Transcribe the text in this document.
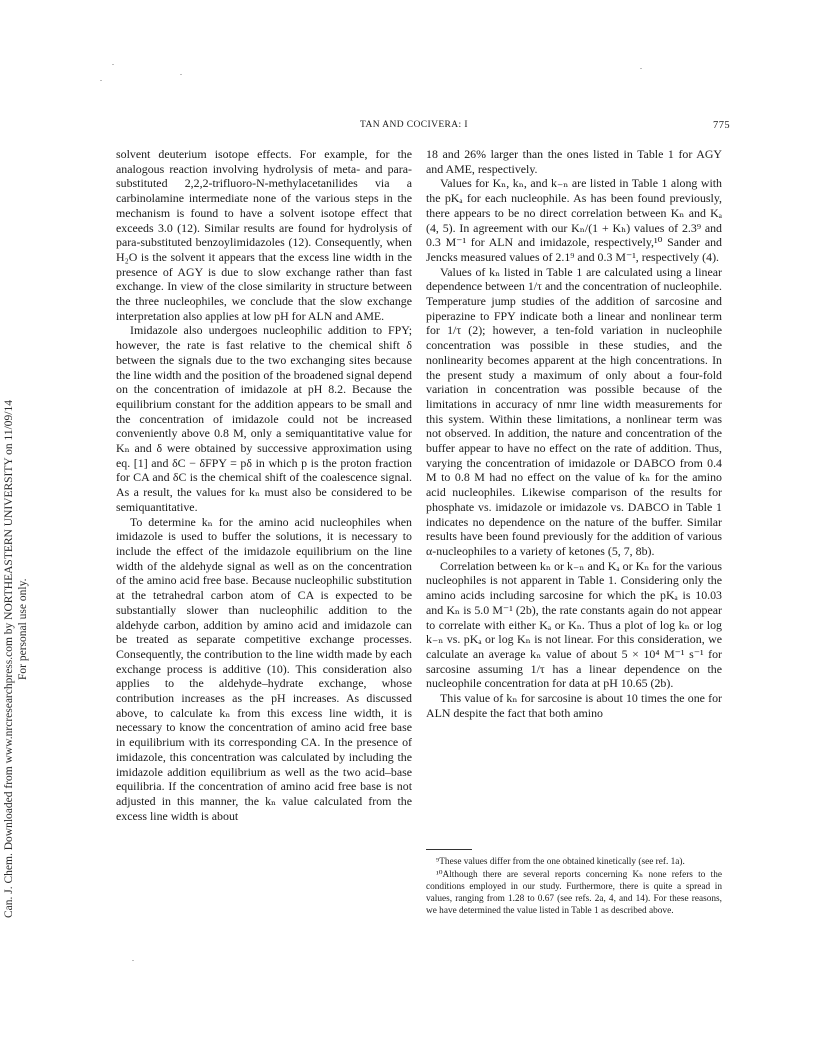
Can. J. Chem. Downloaded from www.nrcresearchpress.com by NORTHEASTERN UNIVERSITY on 11/09/14 For personal use only.
TAN AND COCIVERA: I	775

solvent deuterium isotope effects. For example, for the analogous reaction involving hydrolysis of meta- and para-substituted 2,2,2-trifluoro-N-methylacetanilides via a carbinolamine intermediate none of the various steps in the mechanism is found to have a solvent isotope effect that exceeds 3.0 (12). Similar results are found for hydrolysis of para-substituted benzoylimidazoles (12). Consequently, when H₂O is the solvent it appears that the excess line width in the presence of AGY is due to slow exchange rather than fast exchange. In view of the close similarity in structure between the three nucleophiles, we conclude that the slow exchange interpretation also applies at low pH for ALN and AME.

Imidazole also undergoes nucleophilic addition to FPY; however, the rate is fast relative to the chemical shift δ between the signals due to the two exchanging sites because the line width and the position of the broadened signal depend on the concentration of imidazole at pH 8.2. Because the equilibrium constant for the addition appears to be small and the concentration of imidazole could not be increased conveniently above 0.8 M, only a semiquantitative value for Kₙ and δ were obtained by successive approximation using eq. [1] and δC − δFPY = pδ in which p is the proton fraction for CA and δC is the chemical shift of the coalescence signal. As a result, the values for kₙ must also be considered to be semiquantitative.

To determine kₙ for the amino acid nucleophiles when imidazole is used to buffer the solutions, it is necessary to include the effect of the imidazole equilibrium on the line width of the aldehyde signal as well as on the concentration of the amino acid free base. Because nucleophilic substitution at the tetrahedral carbon atom of CA is expected to be substantially slower than nucleophilic addition to the aldehyde carbon, addition by amino acid and imidazole can be treated as separate competitive exchange processes. Consequently, the contribution to the line width made by each exchange process is additive (10). This consideration also applies to the aldehyde–hydrate exchange, whose contribution increases as the pH increases. As discussed above, to calculate kₙ from this excess line width, it is necessary to know the concentration of amino acid free base in equilibrium with its corresponding CA. In the presence of imidazole, this concentration was calculated by including the imidazole addition equilibrium as well as the two acid–base equilibria. If the concentration of amino acid free base is not adjusted in this manner, the kₙ value calculated from the excess line width is about

18 and 26% larger than the ones listed in Table 1 for AGY and AME, respectively.

Values for Kₙ, kₙ, and k₋ₙ are listed in Table 1 along with the pKₐ for each nucleophile. As has been found previously, there appears to be no direct correlation between Kₙ and Kₐ (4, 5). In agreement with our Kₙ/(1 + Kₕ) values of 2.3⁹ and 0.3 M⁻¹ for ALN and imidazole, respectively,¹⁰ Sander and Jencks measured values of 2.1⁹ and 0.3 M⁻¹, respectively (4).

Values of kₙ listed in Table 1 are calculated using a linear dependence between 1/τ and the concentration of nucleophile. Temperature jump studies of the addition of sarcosine and piperazine to FPY indicate both a linear and nonlinear term for 1/τ (2); however, a ten-fold variation in nucleophile concentration was possible in these studies, and the nonlinearity becomes apparent at the high concentrations. In the present study a maximum of only about a four-fold variation in concentration was possible because of the limitations in accuracy of nmr line width measurements for this system. Within these limitations, a nonlinear term was not observed. In addition, the nature and concentration of the buffer appear to have no effect on the rate of addition. Thus, varying the concentration of imidazole or DABCO from 0.4 M to 0.8 M had no effect on the value of kₙ for the amino acid nucleophiles. Likewise comparison of the results for phosphate vs. imidazole or imidazole vs. DABCO in Table 1 indicates no dependence on the nature of the buffer. Similar results have been found previously for the addition of various α-nucleophiles to a variety of ketones (5, 7, 8b).

Correlation between kₙ or k₋ₙ and Kₐ or Kₙ for the various nucleophiles is not apparent in Table 1. Considering only the amino acids including sarcosine for which the pKₐ is 10.03 and Kₙ is 5.0 M⁻¹ (2b), the rate constants again do not appear to correlate with either Kₐ or Kₙ. Thus a plot of log kₙ or log k₋ₙ vs. pKₐ or log Kₙ is not linear. For this consideration, we calculate an average kₙ value of about 5 × 10⁴ M⁻¹ s⁻¹ for sarcosine assuming 1/τ has a linear dependence on the nucleophile concentration for data at pH 10.65 (2b).

This value of kₙ for sarcosine is about 10 times the one for ALN despite the fact that both amino

⁹These values differ from the one obtained kinetically (see ref. 1a).

¹⁰Although there are several reports concerning Kₕ none refers to the conditions employed in our study. Furthermore, there is quite a spread in values, ranging from 1.28 to 0.67 (see refs. 2a, 4, and 14). For these reasons, we have determined the value listed in Table 1 as described above.
